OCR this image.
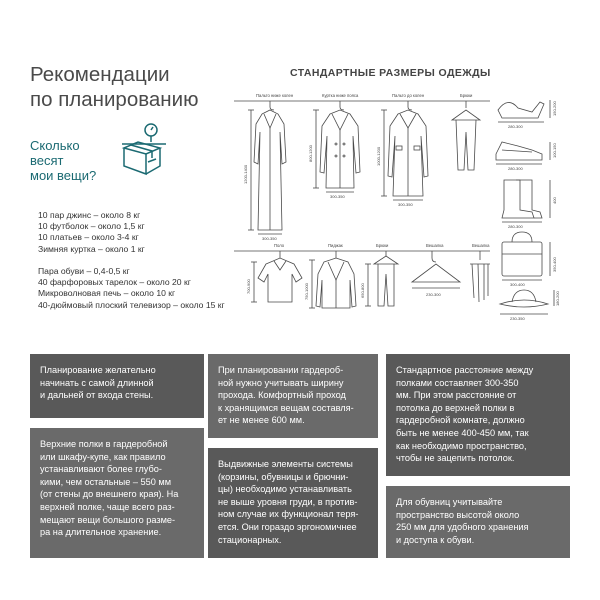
Рекомендации
по планированию
Сколько
весят
мои вещи?
10 пар джинс – около 8 кг
10 футболок – около 1,5 кг
10 платьев – около 3-4 кг
Зимняя куртка – около 1 кг
Пара обуви – 0,4-0,5 кг
40 фарфоровых тарелок – около 20 кг
Микроволновая печь – около 10 кг
40-дюймовый плоский телевизор – около 15 кг
СТАНДАРТНЫЕ РАЗМЕРЫ ОДЕЖДЫ
Пальто ниже колен	Куртка ниже пояса	Пальто до колен	Брюки
1200-1400
300-350
800-1200
300-350
1000-1200
300-350
Поло	Пиджак	Брюки	Вешалка	Вешалка
700-900	750-1000	650-800	230-300
280-300
150-200
280-300
100-150
280-300
400
300-400
350-400
230-350
180-200
Планирование желательно
начинать с самой длинной
и дальней от входа стены.
При планировании гардероб-
ной нужно учитывать ширину
прохода. Комфортный проход
к хранящимся вещам составля-
ет не менее 600 мм.
Стандартное расстояние между
полками составляет 300-350
мм. При этом расстояние от
потолка до верхней полки в
гардеробной комнате, должно
быть не менее 400-450 мм, так
как необходимо пространство,
чтобы не зацепить потолок.
Верхние полки в гардеробной
или шкафу-купе, как правило
устанавливают более глубо-
кими, чем остальные – 550 мм
(от стены до внешнего края). На
верхней полке, чаще всего раз-
мещают вещи большого разме-
ра на длительное хранение.
Выдвижные элементы системы
(корзины, обувницы и брючни-
цы) необходимо устанавливать
не выше уровня груди, в против-
ном случае их функционал теря-
ется. Они гораздо эргономичнее
стационарных.
Для обувниц учитывайте
пространство высотой около
250 мм для удобного хранения
и доступа к обуви.
